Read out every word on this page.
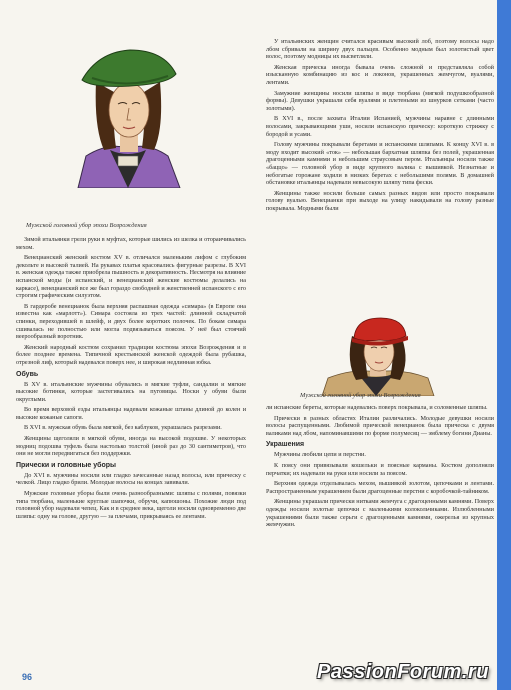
Мужской головной убор эпохи Возрождения

Зимой итальянки грели руки в муфтах, которые шились из шелка и отораичивались мехом.

Венецианский женский костюм XV в. отличался маленьким лифом с глубоким декольте и высокой талией. На рукавах платья красовались фигурные разрезы. В XVI в. женская одежда также приобрела пышность и декоративность. Несмотря на влияние испанской моды (и испанский, и венецианский женские костюмы делались на каркасе), венецианский все же был гораздо свободней и женственней испанского с его строгим графическим силуэтом.

В гардеробе венецианок была верхняя распашная одежда «симара» (в Европе она известна как «марлотт»). Симара состояла из трех частей: длинной складчатой спинки, переходившей в шлейф, и двух более коротких полочек. По бокам симара сшивалась не полностью или могла подвязываться поясом. У неё был стоячий веерообразный воротник.

Женский народный костюм сохранил традиции костюма эпохи Возрождения и в более позднее времена. Типичной крестьянской женской одеждой была рубашка, отрезной лиф, который надевался поверх нее, и широкая недлинная юбка.

Обувь

В XV в. итальянские мужчины обувались в мягкие туфли, сандалии и мягкие высокие ботинки, которые застегивались на пуговицы. Носки у обуви были округлыми.

Во время верховой езды итальянцы надевали кожаные штаны длиной до колен и высокие кожаные сапоги.

В XVI в. мужская обувь была мягкой, без каблуков, украшалась разрезами.

Женщины щеголяли в мягкой обуви, иногда на высокой подошве. У некоторых модниц подошва туфель была настолько толстой (иной раз до 30 сантиметров), что они не могли передвигаться без поддержки.

Прически и головные уборы

До XVI в. мужчины носили или гладко зачесанные назад волосы, или прическу с челкой. Лицо гладко брили. Молодые волосы на концах завивали.

Мужские головные уборы были очень разнообразными: шляпы с полями, повязки типа тюрбана, маленькие круглые шапочки, обручи, капюшоны. Похожие люди под головной убор надевали чепец. Как и в среднее века, щеголи носили одновременно две шляпы: одну на голове, другую — за плечами, прикрываясь ее лентами.

У итальянских женщин считался красивым высокий лоб, поэтому волосы надо лбом сбривали на ширину двух пальцев. Особенно модным был золотистый цвет волос, поэтому модницы их высветляли.

Женская прическа иногда бывала очень сложной и представляла собой изысканную комбинацию из кос и локонов, украшенных жемчугом, вуалями, лентами.

Замужние женщины носили шляпы в виде тюрбана (мягкой подушкообразной формы). Девушки украшали себя вуалями и плетеными из шнурков сетками (часто золотыми).

В XVI в., после захвата Италии Испанией, мужчины наравне с длинными волосами, закрывающими уши, носили испанскую прическу: короткую стрижку с бородой и усами.

Голову мужчины покрывали беретами и испанскими шляпами. К концу XVI в. в моду входит высокий «ток» — небольшая бархатная шляпка без полей, украшенная драгоценными камнями и небольшим страусовым пером. Итальянцы носили также «баццо» — головной убор в виде крупного валика с вышивкой. Незнатные и небогатые горожане ходили в низких беретах с небольшими полями. В домашней обстановке итальянцы надевали невысокую шляпу типа фески.

Женщины также носили больше самых разных видов или просто покрывали голову вуалью. Венецианки при выходе на улицу накидывали на голову разные покрывала. Модными были

Мужской головной убор эпохи Возрождения

ли испанские береты, которые надевались поверх покрывала, и соломенные шляпы.

Прически в разных областях Италии различались. Молодые девушки носили волосы распущенными. Любимой прической венецианок была прическа с двумя валиками над лбом, напоминавшими по форме полумесяц — эмблему богини Дианы.

Украшения

Мужчины любили цепи и перстни.

К поясу они привязывали кошельки и поясные карманы. Костюм дополняли перчатки; их надевали на руки или носили за поясом.

Верхняя одежда отделывалась мехом, вышивкой золотом, цепочками и лентами. Распространенным украшением были драгоценные перстни с коробочкой-тайником.

Женщины украшали прически нитками жемчуга с драгоценными камнями. Поверх одежды носили золотые цепочки с маленькими колокольчиками. Излюбленными украшениями были также серьги с драгоценными камнями, ожерелья из крупных жемчужин.

96	PassionForum.ru
